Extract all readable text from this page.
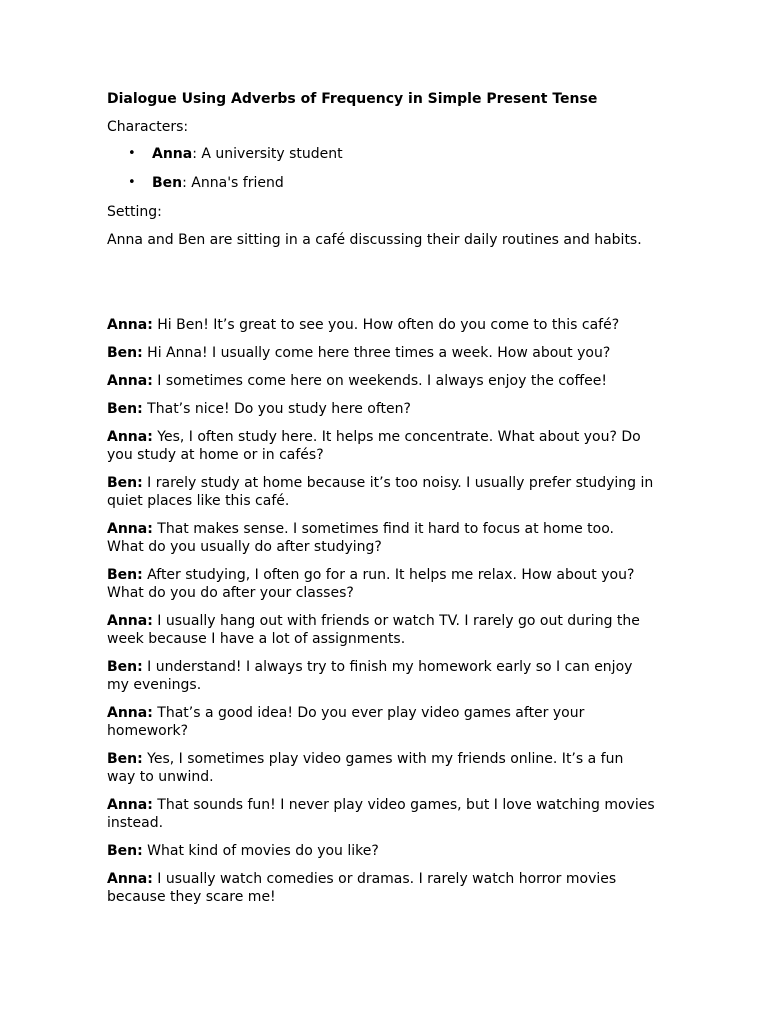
Dialogue Using Adverbs of Frequency in Simple Present Tense

Characters:

• Anna: A university student
• Ben: Anna's friend

Setting:

Anna and Ben are sitting in a café discussing their daily routines and habits.

Anna: Hi Ben! It’s great to see you. How often do you come to this café?

Ben: Hi Anna! I usually come here three times a week. How about you?

Anna: I sometimes come here on weekends. I always enjoy the coffee!

Ben: That’s nice! Do you study here often?

Anna: Yes, I often study here. It helps me concentrate. What about you? Do you study at home or in cafés?

Ben: I rarely study at home because it’s too noisy. I usually prefer studying in quiet places like this café.

Anna: That makes sense. I sometimes find it hard to focus at home too. What do you usually do after studying?

Ben: After studying, I often go for a run. It helps me relax. How about you? What do you do after your classes?

Anna: I usually hang out with friends or watch TV. I rarely go out during the week because I have a lot of assignments.

Ben: I understand! I always try to finish my homework early so I can enjoy my evenings.

Anna: That’s a good idea! Do you ever play video games after your homework?

Ben: Yes, I sometimes play video games with my friends online. It’s a fun way to unwind.

Anna: That sounds fun! I never play video games, but I love watching movies instead.

Ben: What kind of movies do you like?

Anna: I usually watch comedies or dramas. I rarely watch horror movies because they scare me!
